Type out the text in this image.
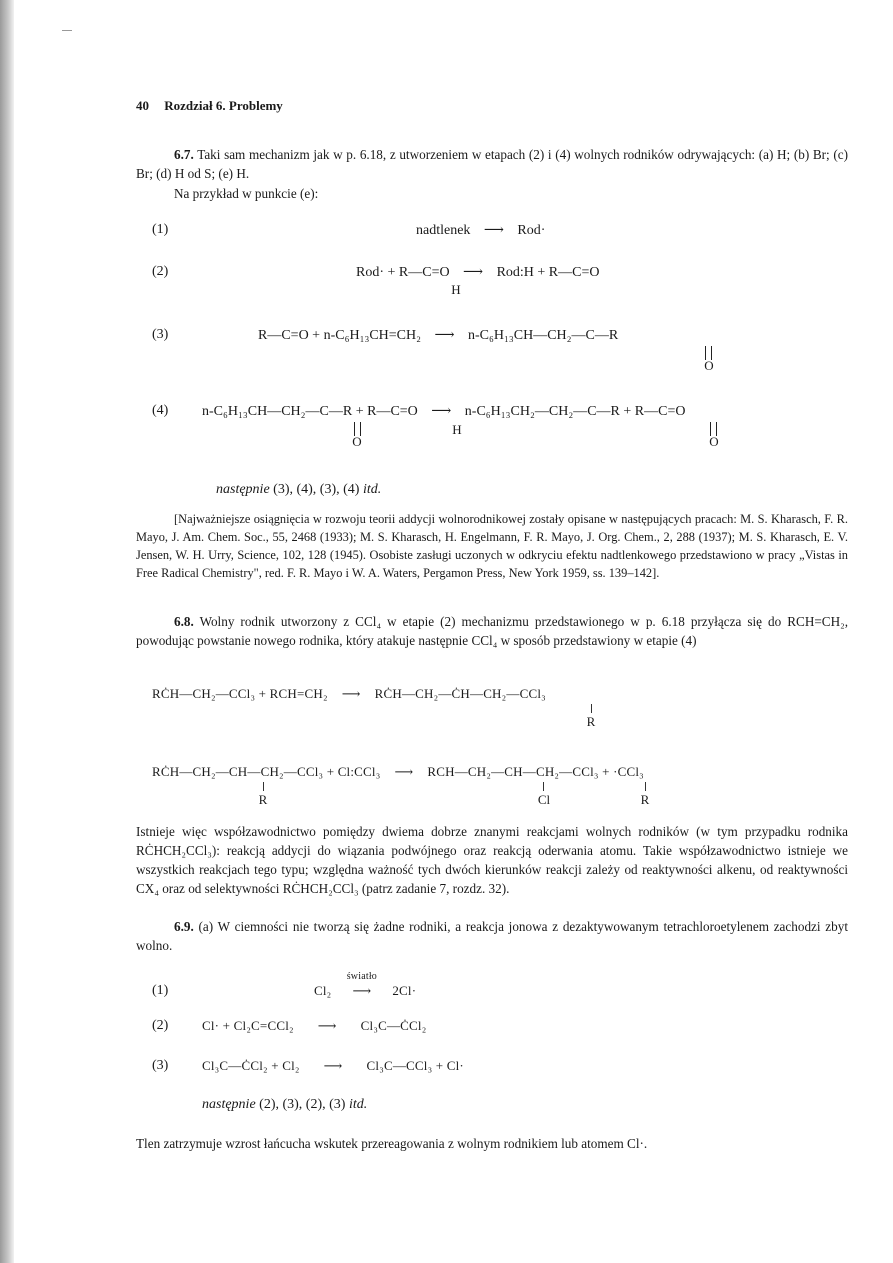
40 Rozdział 6. Problemy
6.7. Taki sam mechanizm jak w p. 6.18, z utworzeniem w etapach (2) i (4) wolnych rodników odrywających: (a) H; (b) Br; (c) Br; (d) H od S; (e) H.
Na przykład w punkcie (e):
(1)	nadtlenek ⟶ Rod·
(2)	Rod· + R—C=O ⟶ Rod:H + R—C=O
H
(3)	R—C=O + n-C₆H₁₃CH=CH₂ ⟶ n-C₆H₁₃CH—CH₂—C—R
O
(4) n-C₆H₁₃CH—CH₂—C—R + R—C=O ⟶ n-C₆H₁₃CH₂—CH₂—C—R + R—C=O
O
H
O
następnie (3), (4), (3), (4) itd.
[Najważniejsze osiągnięcia w rozwoju teorii addycji wolnorodnikowej zostały opisane w następujących pracach: M. S. Kharasch, F. R. Mayo, J. Am. Chem. Soc., 55, 2468 (1933); M. S. Kharasch, H. Engelmann, F. R. Mayo, J. Org. Chem., 2, 288 (1937); M. S. Kharasch, E. V. Jensen, W. H. Urry, Science, 102, 128 (1945). Osobiste zasługi uczonych w odkryciu efektu nadtlenkowego przedstawiono w pracy „Vistas in Free Radical Chemistry", red. F. R. Mayo i W. A. Waters, Pergamon Press, New York 1959, ss. 139–142].
6.8. Wolny rodnik utworzony z CCl₄ w etapie (2) mechanizmu przedstawionego w p. 6.18 przyłącza się do RCH=CH₂, powodując powstanie nowego rodnika, który atakuje następnie CCl₄ w sposób przedstawiony w etapie (4)
RĊH—CH₂—CCl₃ + RCH=CH₂ ⟶ RĊH—CH₂—ĊH—CH₂—CCl₃
R
RĊH—CH₂—CH—CH₂—CCl₃ + Cl:CCl₃ ⟶ RCH—CH₂—CH—CH₂—CCl₃ + ·CCl₃
R	Cl	R
Istnieje więc współzawodnictwo pomiędzy dwiema dobrze znanymi reakcjami wolnych rodników (w tym przypadku rodnika RĊHCH₂CCl₃): reakcją addycji do wiązania podwójnego oraz reakcją oderwania atomu. Takie współzawodnictwo istnieje we wszystkich reakcjach tego typu; względna ważność tych dwóch kierunków reakcji zależy od reaktywności alkenu, od reaktywności CX₄ oraz od selektywności RĊHCH₂CCl₃ (patrz zadanie 7, rozdz. 32).
6.9. (a) W ciemności nie tworzą się żadne rodniki, a reakcja jonowa z dezaktywowanym tetrachloroetylenem zachodzi zbyt wolno.
(1)	Cl₂
światło
⟶ 2Cl·
(2)	Cl· + Cl₂C=CCl₂ ⟶ Cl₃C—ĊCl₂
(3)	Cl₃C—ĊCl₂ + Cl₂ ⟶ Cl₃C—CCl₃ + Cl·
następnie (2), (3), (2), (3) itd.
Tlen zatrzymuje wzrost łańcucha wskutek przereagowania z wolnym rodnikiem lub atomem Cl·.
